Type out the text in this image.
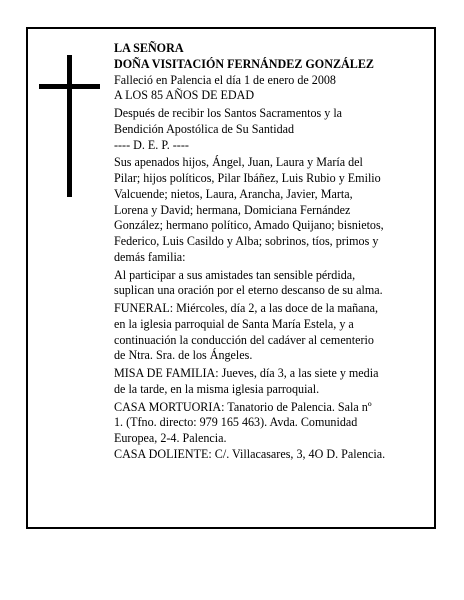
LA SEÑORA
DOÑA VISITACIÓN FERNÁNDEZ GONZÁLEZ
Falleció en Palencia el día 1 de enero de 2008
A LOS 85 AÑOS DE EDAD
Después de recibir los Santos Sacramentos y la
Bendición Apostólica de Su Santidad
---- D. E. P. ----
Sus apenados hijos, Ángel, Juan, Laura y María del
Pilar; hijos políticos, Pilar Ibáñez, Luis Rubio y Emilio
Valcuende; nietos, Laura, Arancha, Javier, Marta,
Lorena y David; hermana, Domiciana Fernández
González; hermano político, Amado Quijano; bisnietos,
Federico, Luis Casildo y Alba; sobrinos, tíos, primos y
demás familia:
Al participar a sus amistades tan sensible pérdida,
suplican una oración por el eterno descanso de su alma.
FUNERAL: Miércoles, día 2, a las doce de la mañana,
en la iglesia parroquial de Santa María Estela, y a
continuación la conducción del cadáver al cementerio
de Ntra. Sra. de los Ángeles.
MISA DE FAMILIA: Jueves, día 3, a las siete y media
de la tarde, en la misma iglesia parroquial.
CASA MORTUORIA: Tanatorio de Palencia. Sala nº
1. (Tfno. directo: 979 165 463). Avda. Comunidad
Europea, 2-4. Palencia.
CASA DOLIENTE: C/. Villacasares, 3, 4O D. Palencia.
